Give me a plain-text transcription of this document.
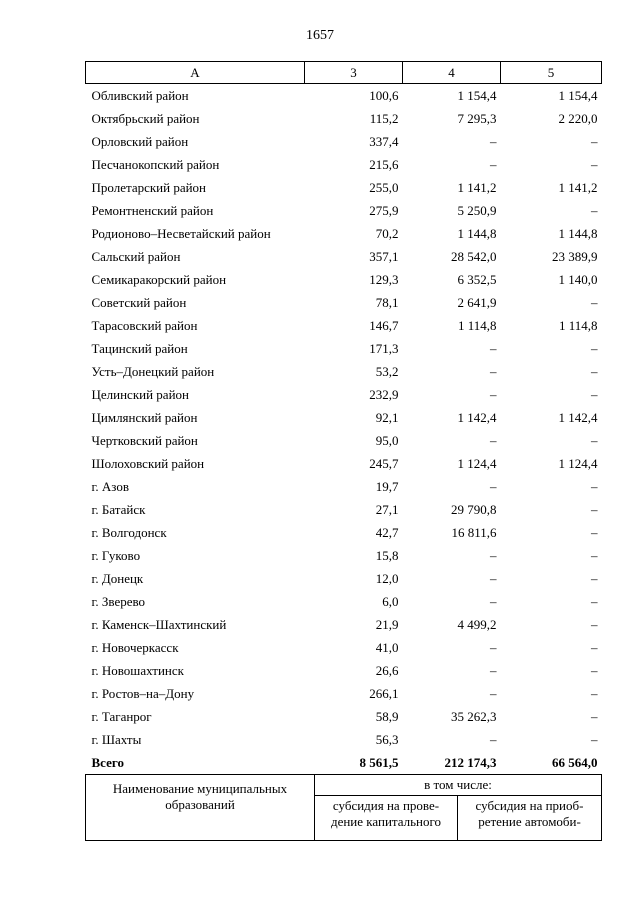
1657
А	3	4	5
Обливский район	100,6	1 154,4	1 154,4
Октябрьский район	115,2	7 295,3	2 220,0
Орловский район	337,4	–	–
Песчанокопский район	215,6	–	–
Пролетарский район	255,0	1 141,2	1 141,2
Ремонтненский район	275,9	5 250,9	–
Родионово–Несветайский район	70,2	1 144,8	1 144,8
Сальский район	357,1	28 542,0	23 389,9
Семикаракорский район	129,3	6 352,5	1 140,0
Советский район	78,1	2 641,9	–
Тарасовский район	146,7	1 114,8	1 114,8
Тацинский район	171,3	–	–
Усть–Донецкий район	53,2	–	–
Целинский район	232,9	–	–
Цимлянский район	92,1	1 142,4	1 142,4
Чертковский район	95,0	–	–
Шолоховский район	245,7	1 124,4	1 124,4
г. Азов	19,7	–	–
г. Батайск	27,1	29 790,8	–
г. Волгодонск	42,7	16 811,6	–
г. Гуково	15,8	–	–
г. Донецк	12,0	–	–
г. Зверево	6,0	–	–
г. Каменск–Шахтинский	21,9	4 499,2	–
г. Новочеркасск	41,0	–	–
г. Новошахтинск	26,6	–	–
г. Ростов–на–Дону	266,1	–	–
г. Таганрог	58,9	35 262,3	–
г. Шахты	56,3	–	–
Всего	8 561,5	212 174,3	66 564,0
Наименование муниципальных образований	в том числе:	
	субсидия на прове-дение капитального	субсидия на приоб-ретение автомоби-
